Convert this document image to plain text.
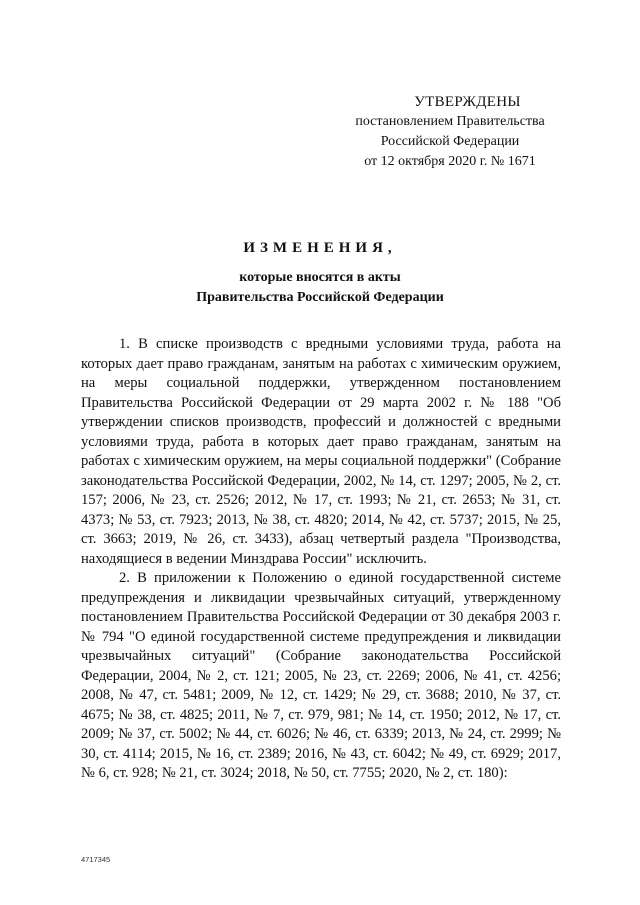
УТВЕРЖДЕНЫ
постановлением Правительства
Российской Федерации
от 12 октября 2020 г. № 1671
ИЗМЕНЕНИЯ,
которые вносятся в акты
Правительства Российской Федерации

1. В списке производств с вредными условиями труда, работа на которых дает право гражданам, занятым на работах с химическим оружием, на меры социальной поддержки, утвержденном постановлением Правительства Российской Федерации от 29 марта 2002 г. № 188 "Об утверждении списков производств, профессий и должностей с вредными условиями труда, работа в которых дает право гражданам, занятым на работах с химическим оружием, на меры социальной поддержки" (Собрание законодательства Российской Федерации, 2002, № 14, ст. 1297; 2005, № 2, ст. 157; 2006, № 23, ст. 2526; 2012, № 17, ст. 1993; № 21, ст. 2653; № 31, ст. 4373; № 53, ст. 7923; 2013, № 38, ст. 4820; 2014, № 42, ст. 5737; 2015, № 25, ст. 3663; 2019, № 26, ст. 3433), абзац четвертый раздела "Производства, находящиеся в ведении Минздрава России" исключить.

2. В приложении к Положению о единой государственной системе предупреждения и ликвидации чрезвычайных ситуаций, утвержденному постановлением Правительства Российской Федерации от 30 декабря 2003 г. № 794 "О единой государственной системе предупреждения и ликвидации чрезвычайных ситуаций" (Собрание законодательства Российской Федерации, 2004, № 2, ст. 121; 2005, № 23, ст. 2269; 2006, № 41, ст. 4256; 2008, № 47, ст. 5481; 2009, № 12, ст. 1429; № 29, ст. 3688; 2010, № 37, ст. 4675; № 38, ст. 4825; 2011, № 7, ст. 979, 981; № 14, ст. 1950; 2012, № 17, ст. 2009; № 37, ст. 5002; № 44, ст. 6026; № 46, ст. 6339; 2013, № 24, ст. 2999; № 30, ст. 4114; 2015, № 16, ст. 2389; 2016, № 43, ст. 6042; № 49, ст. 6929; 2017, № 6, ст. 928; № 21, ст. 3024; 2018, № 50, ст. 7755; 2020, № 2, ст. 180):

4717345
